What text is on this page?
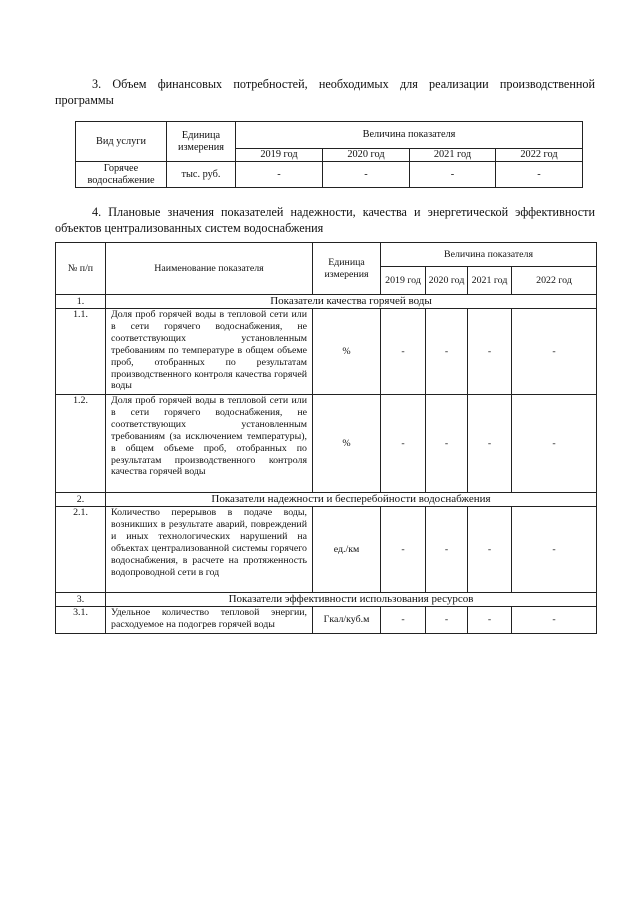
3. Объем финансовых потребностей, необходимых для реализации производственной программы
Вид услуги	Единица измерения	Величина показателя			
		2019 год	2020 год	2021 год	2022 год
Горячее водоснабжение	тыс. руб.	-	-	-	-
4. Плановые значения показателей надежности, качества и энергетической эффективности объектов централизованных систем водоснабжения
№ п/п	Наименование показателя	Единица измерения	Величина показателя			
			2019 год	2020 год	2021 год	2022 год
1.	Показатели качества горячей воды					
1.1.	Доля проб горячей воды в тепловой сети или в сети горячего водоснабжения, не соответствующих установленным требованиям по температуре в общем объеме проб, отобранных по результатам производственного контроля качества горячей воды	%	-	-	-	-
1.2.	Доля проб горячей воды в тепловой сети или в сети горячего водоснабжения, не соответствующих установленным требованиям (за исключением температуры), в общем объеме проб, отобранных по результатам производственного контроля качества горячей воды	%	-	-	-	-
2.	Показатели надежности и бесперебойности водоснабжения					
2.1.	Количество перерывов в подаче воды, возникших в результате аварий, повреждений и иных технологических нарушений на объектах централизованной системы горячего водоснабжения, в расчете на протяженность водопроводной сети в год	ед./км	-	-	-	-
3.	Показатели эффективности использования ресурсов					
3.1.	Удельное количество тепловой энергии, расходуемое на подогрев горячей воды	Гкал/куб.м	-	-	-	-
